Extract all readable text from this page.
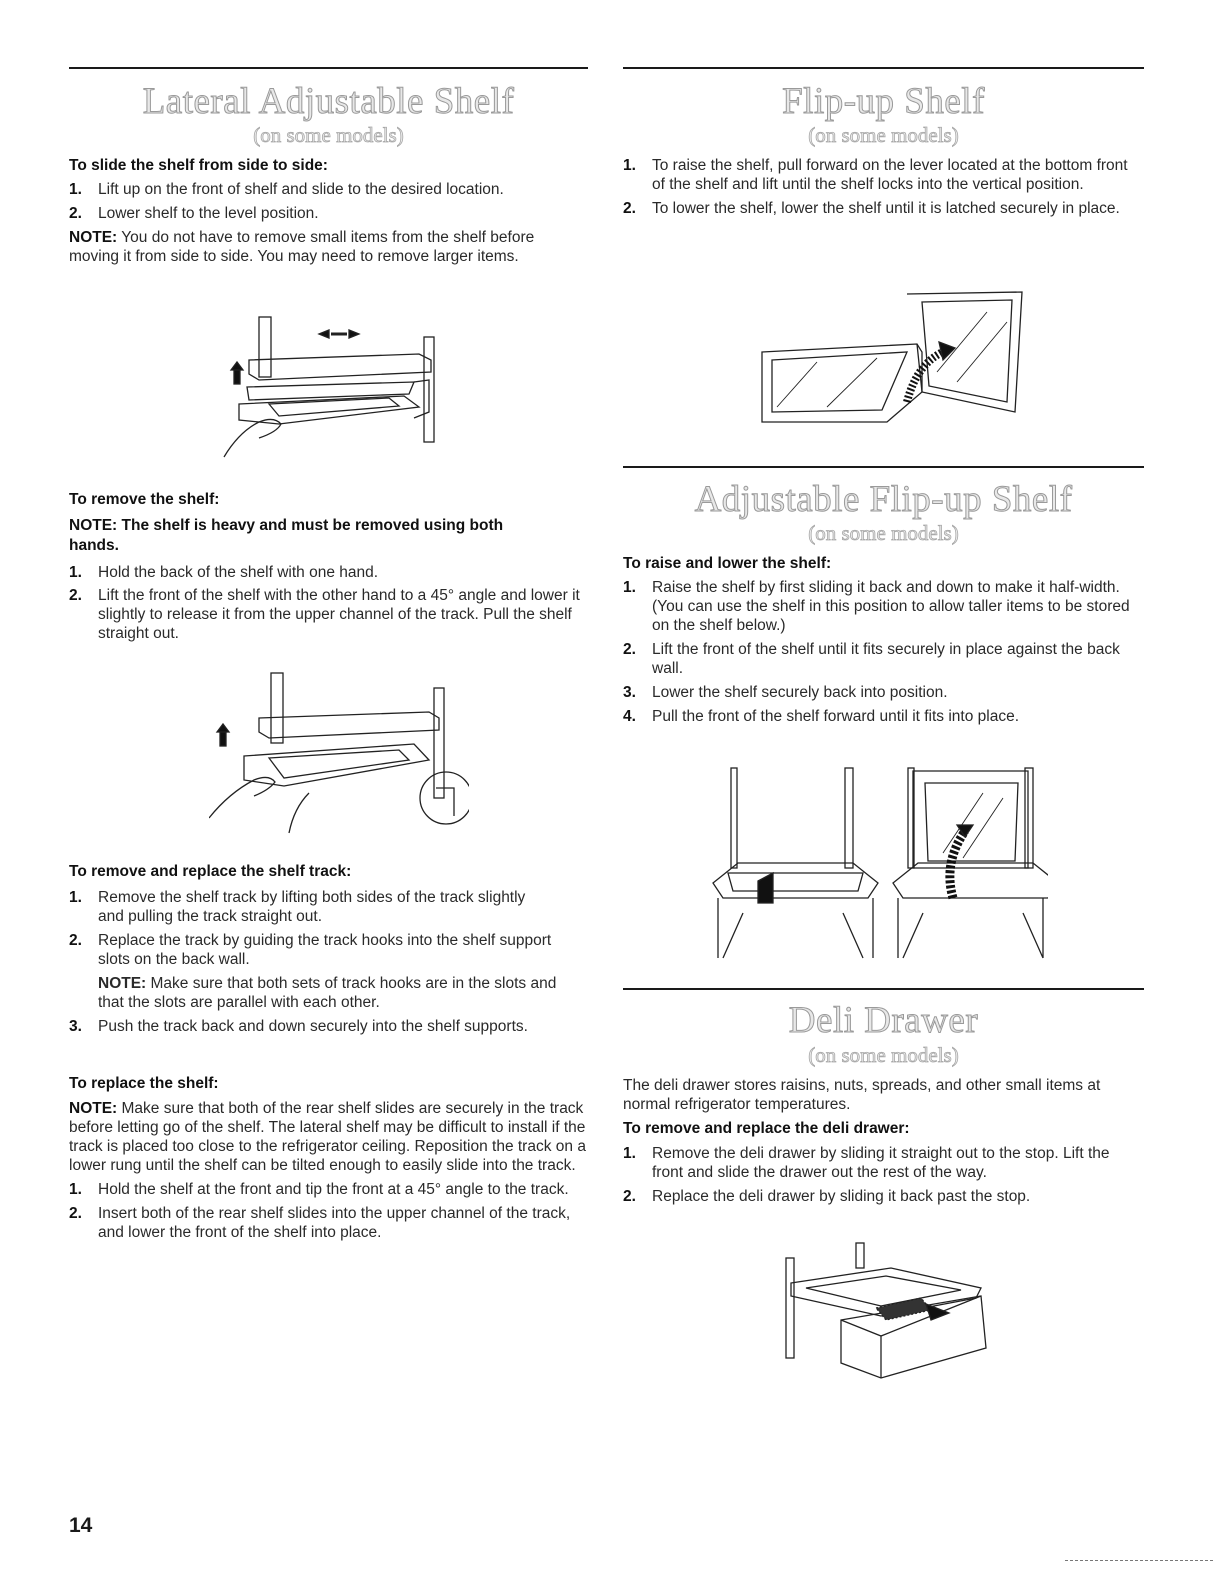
Lateral Adjustable Shelf
(on some models)
To slide the shelf from side to side:
1. Lift up on the front of shelf and slide to the desired location.
2. Lower shelf to the level position.
NOTE: You do not have to remove small items from the shelf before moving it from side to side. You may need to remove larger items.
To remove the shelf:
NOTE: The shelf is heavy and must be removed using both hands.
1. Hold the back of the shelf with one hand.
2. Lift the front of the shelf with the other hand to a 45° angle and lower it slightly to release it from the upper channel of the track. Pull the shelf straight out.
To remove and replace the shelf track:
1. Remove the shelf track by lifting both sides of the track slightly and pulling the track straight out.
2. Replace the track by guiding the track hooks into the shelf support slots on the back wall.
NOTE: Make sure that both sets of track hooks are in the slots and that the slots are parallel with each other.
3. Push the track back and down securely into the shelf supports.
To replace the shelf:
NOTE: Make sure that both of the rear shelf slides are securely in the track before letting go of the shelf. The lateral shelf may be difficult to install if the track is placed too close to the refrigerator ceiling. Reposition the track on a lower rung until the shelf can be tilted enough to easily slide into the track.
1. Hold the shelf at the front and tip the front at a 45° angle to the track.
2. Insert both of the rear shelf slides into the upper channel of the track, and lower the front of the shelf into place.
Flip-up Shelf
(on some models)
1. To raise the shelf, pull forward on the lever located at the bottom front of the shelf and lift until the shelf locks into the vertical position.
2. To lower the shelf, lower the shelf until it is latched securely in place.
Adjustable Flip-up Shelf
(on some models)
To raise and lower the shelf:
1. Raise the shelf by first sliding it back and down to make it half-width. (You can use the shelf in this position to allow taller items to be stored on the shelf below.)
2. Lift the front of the shelf until it fits securely in place against the back wall.
3. Lower the shelf securely back into position.
4. Pull the front of the shelf forward until it fits into place.
Deli Drawer
(on some models)
The deli drawer stores raisins, nuts, spreads, and other small items at normal refrigerator temperatures.
To remove and replace the deli drawer:
1. Remove the deli drawer by sliding it straight out to the stop. Lift the front and slide the drawer out the rest of the way.
2. Replace the deli drawer by sliding it back past the stop.
14
